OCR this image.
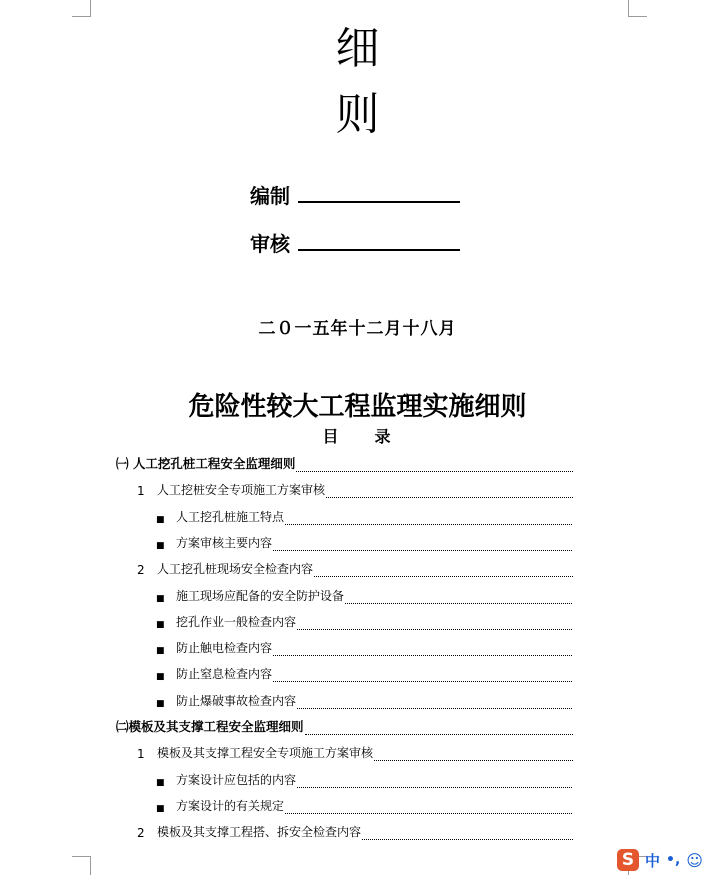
细
则
编制
审核
二０一五年十二月十八月
危险性较大工程监理实施细则
目 录
㈠ 人工挖孔桩工程安全监理细则
1	人工挖桩安全专项施工方案审核
■ 人工挖孔桩施工特点
■ 方案审核主要内容
2	人工挖孔桩现场安全检查内容
■ 施工现场应配备的安全防护设备
■ 挖孔作业一般检查内容
■ 防止触电检查内容
■ 防止窒息检查内容
■ 防止爆破事故检查内容
㈡模板及其支撑工程安全监理细则
1	模板及其支撑工程安全专项施工方案审核
■ 方案设计应包括的内容
■ 方案设计的有关规定
2	模板及其支撑工程搭、拆安全检查内容
S 中 •, ☺
